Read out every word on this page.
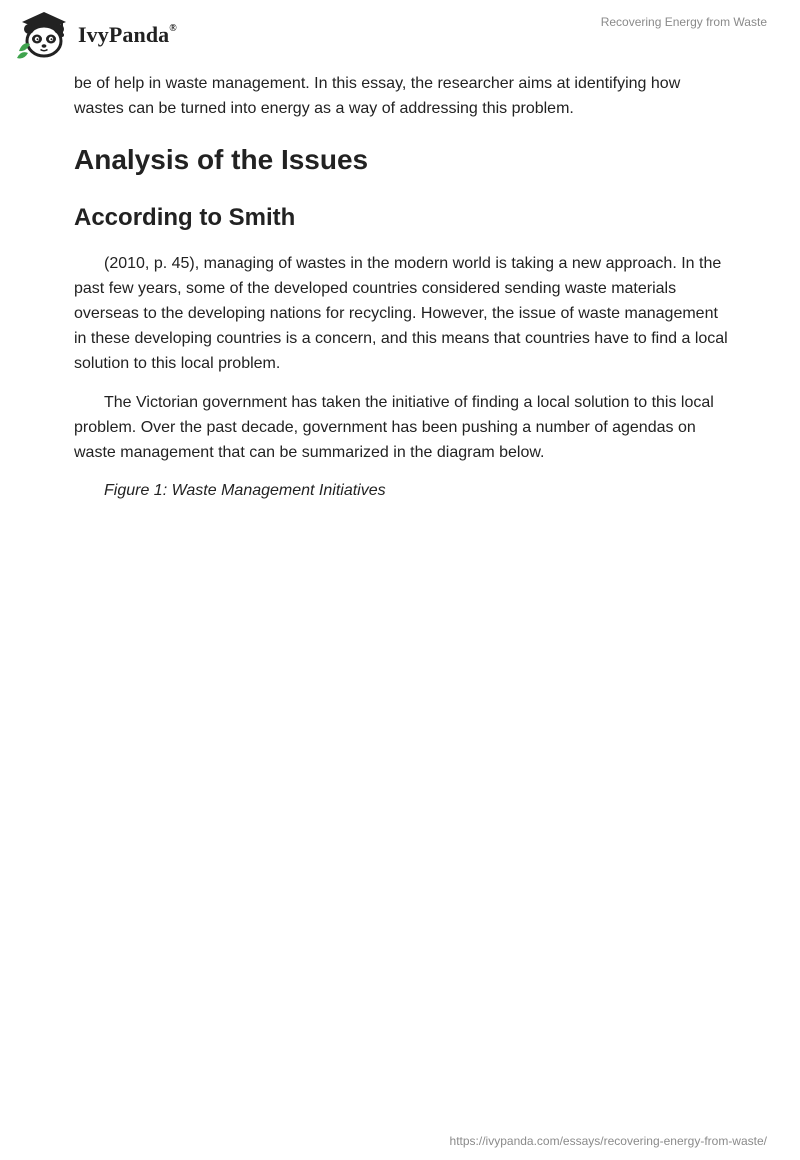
IvyPanda®	Recovering Energy from Waste

be of help in waste management. In this essay, the researcher aims at identifying how wastes can be turned into energy as a way of addressing this problem.

Analysis of the Issues
According to Smith

(2010, p. 45), managing of wastes in the modern world is taking a new approach. In the past few years, some of the developed countries considered sending waste materials overseas to the developing nations for recycling. However, the issue of waste management in these developing countries is a concern, and this means that countries have to find a local solution to this local problem.

The Victorian government has taken the initiative of finding a local solution to this local problem. Over the past decade, government has been pushing a number of agendas on waste management that can be summarized in the diagram below.

Figure 1: Waste Management Initiatives

https://ivypanda.com/essays/recovering-energy-from-waste/
